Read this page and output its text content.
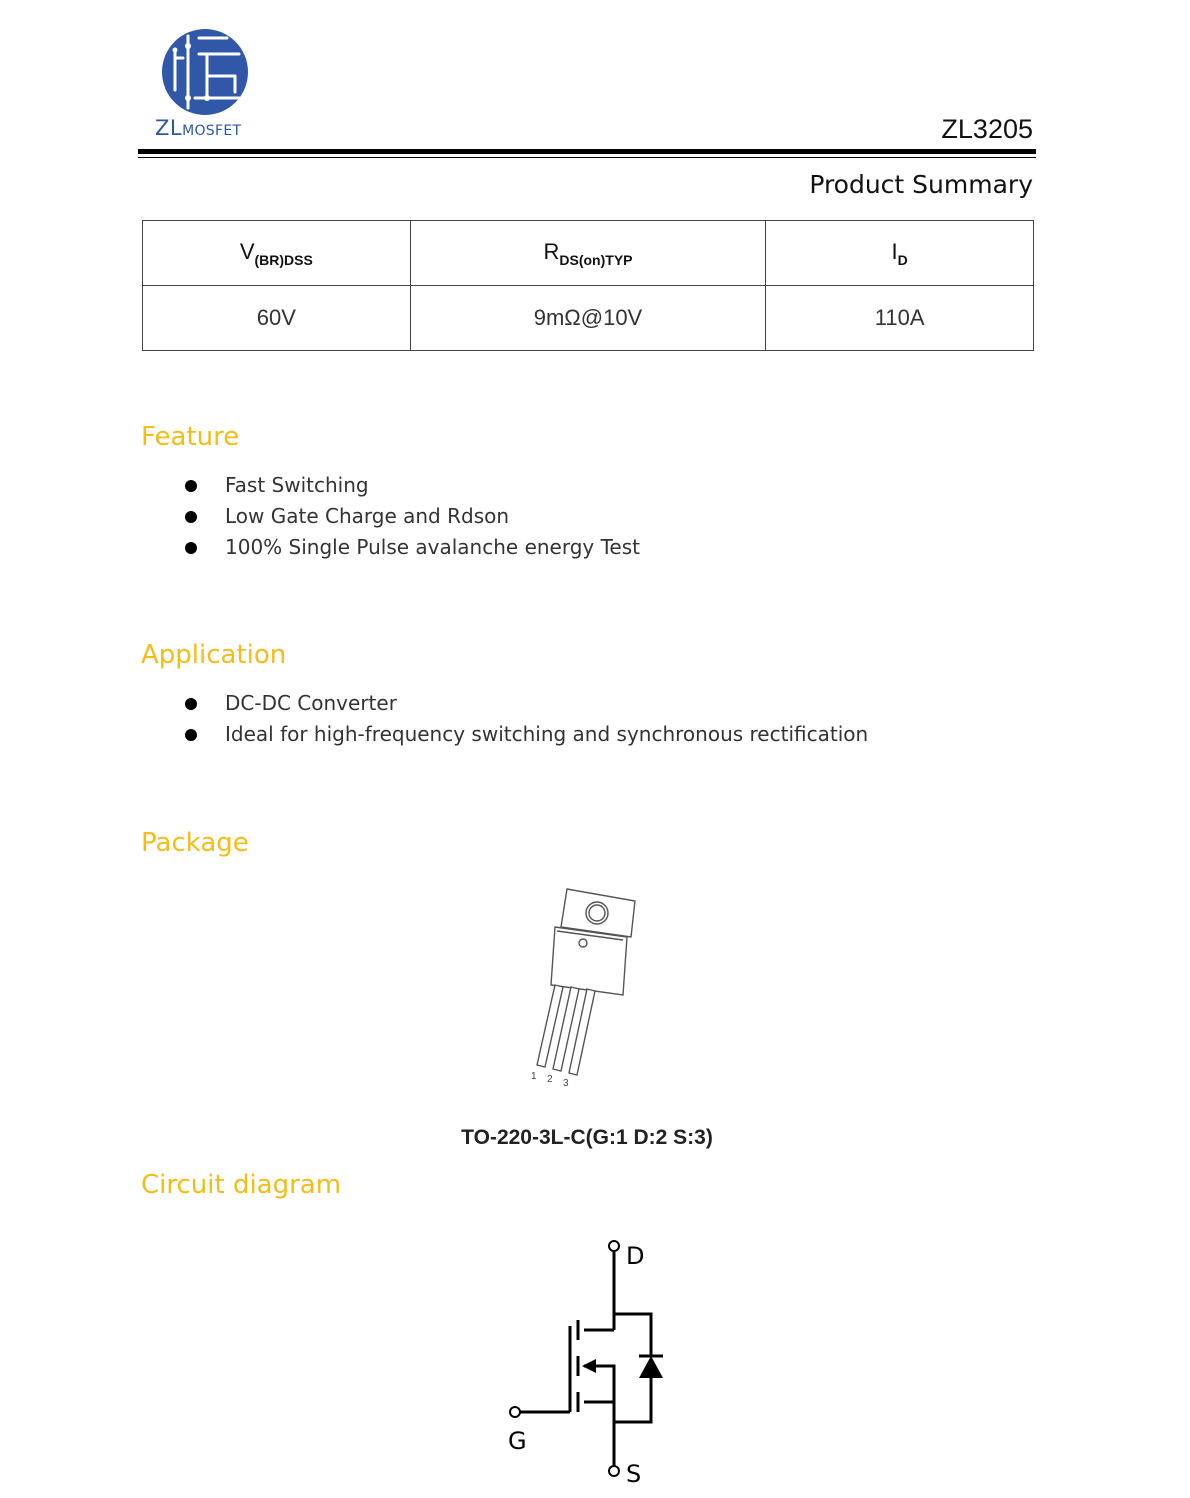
ZLMOSFET	ZL3205
Product Summary
$V_{(BR)DSS}$	$R_{DS(on)TYP}$	$I_D$
60V	9mΩ@10V	110A
Feature
Fast Switching
Low Gate Charge and Rdson
100% Single Pulse avalanche energy Test
Application
DC-DC Converter
Ideal for high-frequency switching and synchronous rectification
Package
1 2 3
TO-220-3L-C(G:1 D:2 S:3)
Circuit diagram
D
G
S
